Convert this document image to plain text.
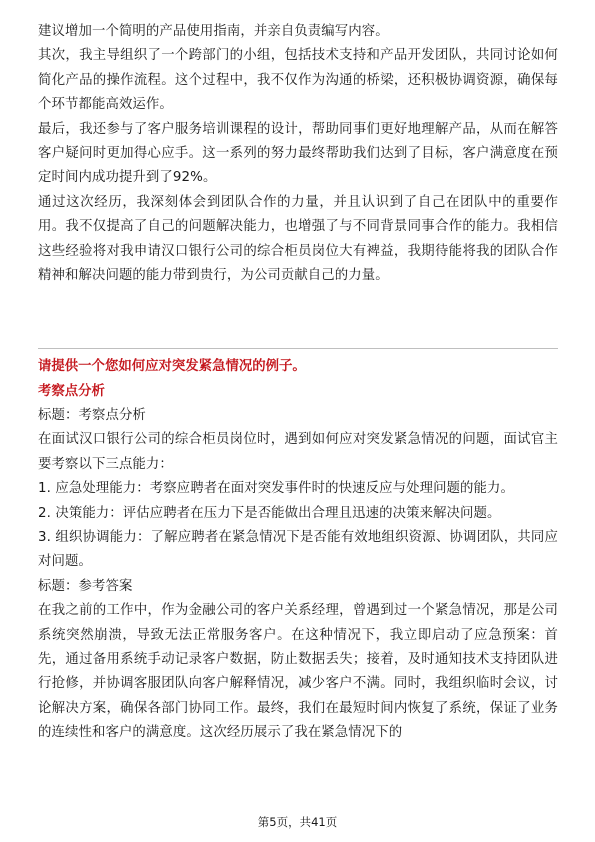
建议增加一个简明的产品使用指南，并亲自负责编写内容。

其次，我主导组织了一个跨部门的小组，包括技术支持和产品开发团队，共同讨论如何简化产品的操作流程。这个过程中，我不仅作为沟通的桥梁，还积极协调资源，确保每个环节都能高效运作。

最后，我还参与了客户服务培训课程的设计，帮助同事们更好地理解产品，从而在解答客户疑问时更加得心应手。这一系列的努力最终帮助我们达到了目标，客户满意度在预定时间内成功提升到了92%。

通过这次经历，我深刻体会到团队合作的力量，并且认识到了自己在团队中的重要作用。我不仅提高了自己的问题解决能力，也增强了与不同背景同事合作的能力。我相信这些经验将对我申请汉口银行公司的综合柜员岗位大有裨益，我期待能将我的团队合作精神和解决问题的能力带到贵行，为公司贡献自己的力量。

请提供一个您如何应对突发紧急情况的例子。
考察点分析

标题：考察点分析

在面试汉口银行公司的综合柜员岗位时，遇到如何应对突发紧急情况的问题，面试官主要考察以下三点能力：

1. 应急处理能力：考察应聘者在面对突发事件时的快速反应与处理问题的能力。

2. 决策能力：评估应聘者在压力下是否能做出合理且迅速的决策来解决问题。

3. 组织协调能力：了解应聘者在紧急情况下是否能有效地组织资源、协调团队，共同应对问题。

标题：参考答案

在我之前的工作中，作为金融公司的客户关系经理，曾遇到过一个紧急情况，那是公司系统突然崩溃，导致无法正常服务客户。在这种情况下，我立即启动了应急预案：首先，通过备用系统手动记录客户数据，防止数据丢失；接着，及时通知技术支持团队进行抢修，并协调客服团队向客户解释情况，减少客户不满。同时，我组织临时会议，讨论解决方案，确保各部门协同工作。最终，我们在最短时间内恢复了系统，保证了业务的连续性和客户的满意度。这次经历展示了我在紧急情况下的

第5页，共41页
